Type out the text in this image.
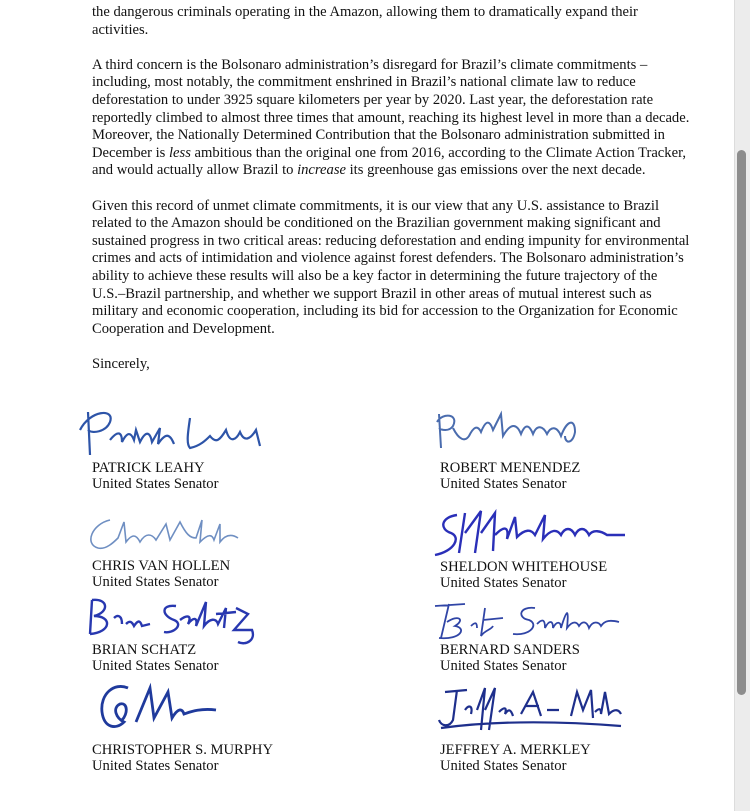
the dangerous criminals operating in the Amazon, allowing them to dramatically expand their activities.

A third concern is the Bolsonaro administration’s disregard for Brazil’s climate commitments – including, most notably, the commitment enshrined in Brazil’s national climate law to reduce deforestation to under 3925 square kilometers per year by 2020. Last year, the deforestation rate reportedly climbed to almost three times that amount, reaching its highest level in more than a decade. Moreover, the Nationally Determined Contribution that the Bolsonaro administration submitted in December is less ambitious than the original one from 2016, according to the Climate Action Tracker, and would actually allow Brazil to increase its greenhouse gas emissions over the next decade.

Given this record of unmet climate commitments, it is our view that any U.S. assistance to Brazil related to the Amazon should be conditioned on the Brazilian government making significant and sustained progress in two critical areas: reducing deforestation and ending impunity for environmental crimes and acts of intimidation and violence against forest defenders. The Bolsonaro administration’s ability to achieve these results will also be a key factor in determining the future trajectory of the U.S.–Brazil partnership, and whether we support Brazil in other areas of mutual interest such as military and economic cooperation, including its bid for accession to the Organization for Economic Cooperation and Development.

Sincerely,

PATRICK LEAHY
United States Senator
ROBERT MENENDEZ
United States Senator
CHRIS VAN HOLLEN
United States Senator
SHELDON WHITEHOUSE
United States Senator
BRIAN SCHATZ
United States Senator
BERNARD SANDERS
United States Senator
CHRISTOPHER S. MURPHY
United States Senator
JEFFREY A. MERKLEY
United States Senator
